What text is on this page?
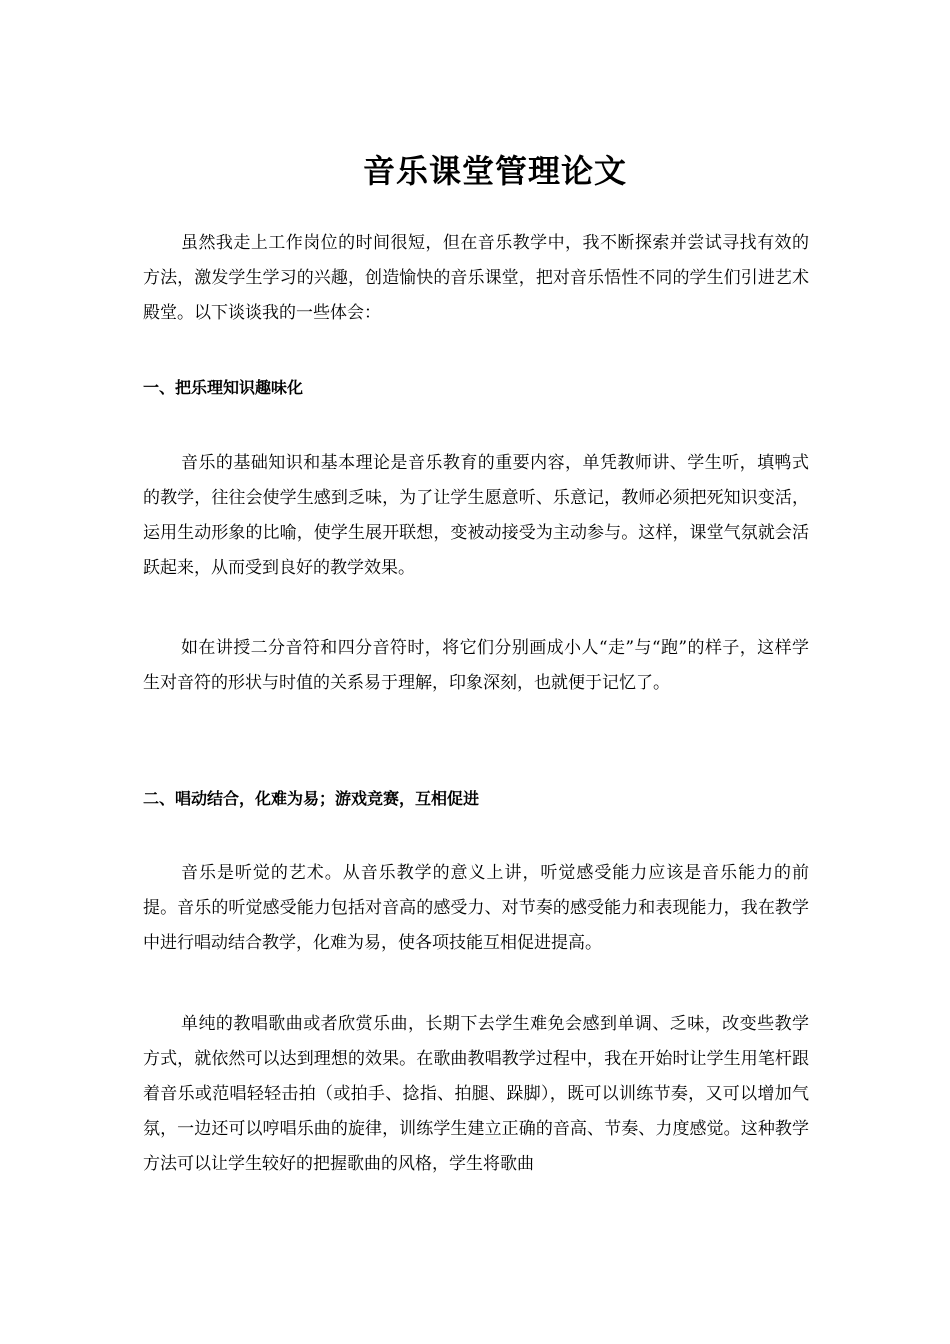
音乐课堂管理论文

虽然我走上工作岗位的时间很短，但在音乐教学中，我不断探索并尝试寻找有效的方法，激发学生学习的兴趣，创造愉快的音乐课堂，把对音乐悟性不同的学生们引进艺术殿堂。以下谈谈我的一些体会：

一、把乐理知识趣味化

音乐的基础知识和基本理论是音乐教育的重要内容，单凭教师讲、学生听，填鸭式的教学，往往会使学生感到乏味，为了让学生愿意听、乐意记，教师必须把死知识变活，运用生动形象的比喻，使学生展开联想，变被动接受为主动参与。这样，课堂气氛就会活跃起来，从而受到良好的教学效果。

如在讲授二分音符和四分音符时，将它们分别画成小人“走”与“跑”的样子，这样学生对音符的形状与时值的关系易于理解，印象深刻，也就便于记忆了。

二、唱动结合，化难为易；游戏竞赛，互相促进

音乐是听觉的艺术。从音乐教学的意义上讲，听觉感受能力应该是音乐能力的前提。音乐的听觉感受能力包括对音高的感受力、对节奏的感受能力和表现能力，我在教学中进行唱动结合教学，化难为易，使各项技能互相促进提高。

单纯的教唱歌曲或者欣赏乐曲，长期下去学生难免会感到单调、乏味，改变些教学方式，就依然可以达到理想的效果。在歌曲教唱教学过程中，我在开始时让学生用笔杆跟着音乐或范唱轻轻击拍（或拍手、捻指、拍腿、跺脚），既可以训练节奏，又可以增加气氛，一边还可以哼唱乐曲的旋律，训练学生建立正确的音高、节奏、力度感觉。这种教学方法可以让学生较好的把握歌曲的风格，学生将歌曲
